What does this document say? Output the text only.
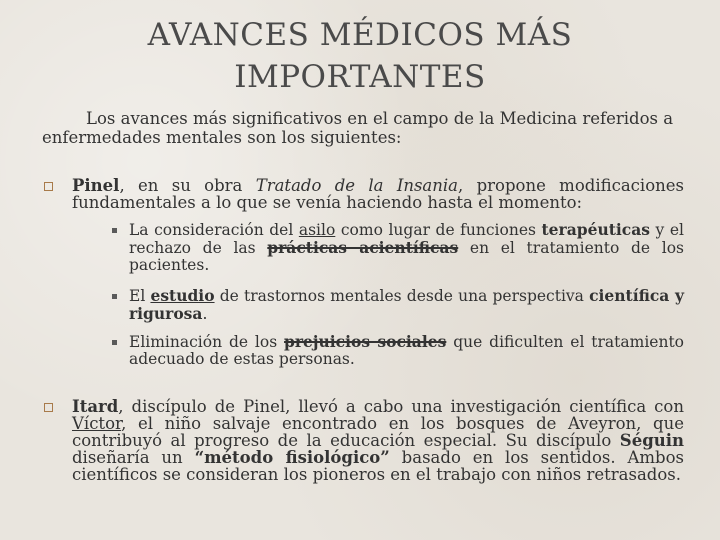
AVANCES MÉDICOS MÁS IMPORTANTES

Los avances más significativos en el campo de la Medicina referidos a enfermedades mentales son los siguientes:

Pinel, en su obra Tratado de la Insania, propone modificaciones fundamentales a lo que se venía haciendo hasta el momento:

La consideración del asilo como lugar de funciones terapéuticas y el rechazo de las prácticas acientíficas en el tratamiento de los pacientes.

El estudio de trastornos mentales desde una perspectiva científica y rigurosa.

Eliminación de los prejuicios sociales que dificulten el tratamiento adecuado de estas personas.

Itard, discípulo de Pinel, llevó a cabo una investigación científica con Víctor, el niño salvaje encontrado en los bosques de Aveyron, que contribuyó al progreso de la educación especial. Su discípulo Séguin diseñaría un “método fisiológico” basado en los sentidos. Ambos científicos se consideran los pioneros en el trabajo con niños retrasados.
